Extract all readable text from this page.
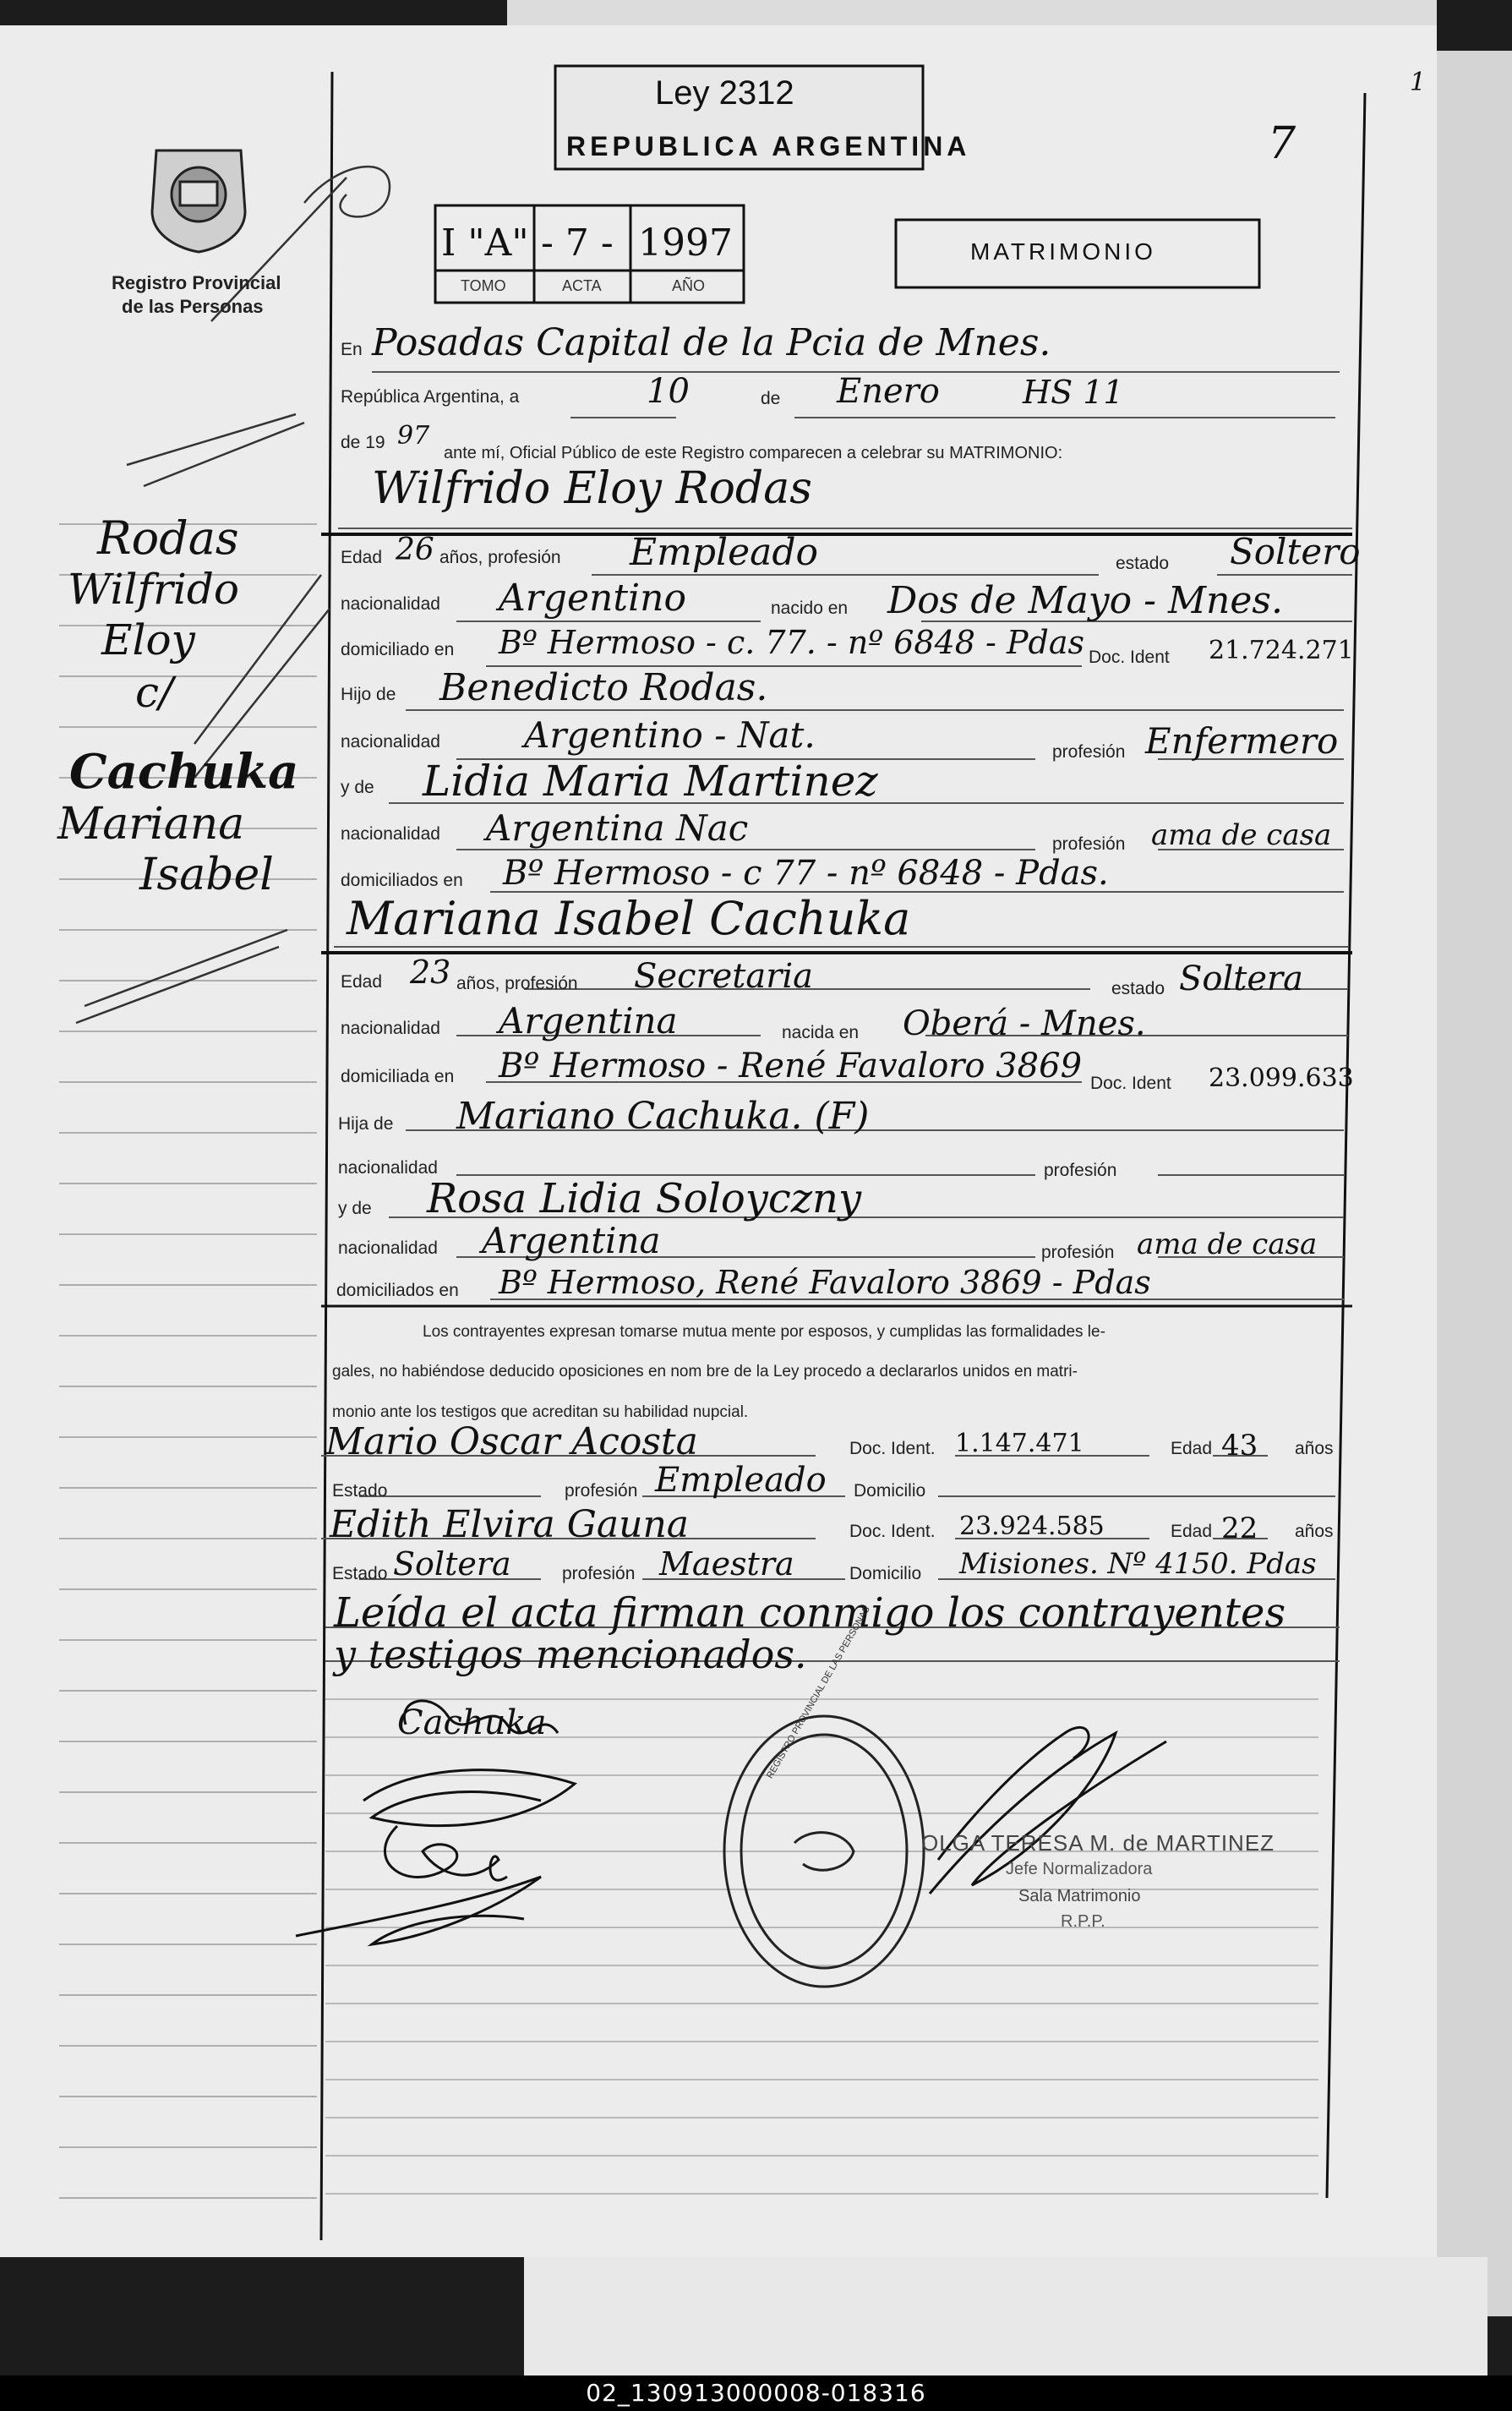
Ley 2312
REPUBLICA ARGENTINA	7
1
Registro Provincial
de las Personas
MATRIMONIO
I "A" - 7 - 1997
TOMO	ACTA	AÑO
Rodas
Wilfrido
Eloy
c/
Cachuka
Mariana
Isabel
En Posadas Capital de la Pcia de Mnes.
República Argentina, a	10	de Enero	HS 11
de 19 97
ante mí, Oficial Público de este Registro comparecen a celebrar su MATRIMONIO:
Wilfrido Eloy Rodas
Edad 26 años, profesión Empleado	estado Soltero
nacionalidad Argentino	nacido en Dos de Mayo - Mnes.
domiciliado en Bº Hermoso - c. 77. - nº 6848 - Pdas Doc. Ident 21.724.271
Hijo de Benedicto Rodas.
nacionalidad Argentino - Nat.	profesión Enfermero
y de Lidia Maria Martinez
nacionalidad Argentina Nac	profesión ama de casa
domiciliados en Bº Hermoso - c 77 - nº 6848 - Pdas.
Mariana Isabel Cachuka
Edad 23 años, profesión Secretaria	estado Soltera
nacionalidad Argentina	nacida en Oberá - Mnes.
domiciliada en Bº Hermoso - René Favaloro 3869 Doc. Ident 23.099.633
Hija de Mariano Cachuka. (F)
nacionalidad	profesión
y de Rosa Lidia Soloyczny
nacionalidad Argentina	profesión ama de casa
domiciliados en Bº Hermoso, René Favaloro 3869 - Pdas
Los contrayentes expresan tomarse mutua mente por esposos, y cumplidas las formalidades le-
gales, no habiéndose deducido oposiciones en nom bre de la Ley procedo a declararlos unidos en matri-
monio ante los testigos que acreditan su habilidad nupcial.
Mario Oscar Acosta	Doc. Ident. 1.147.471	Edad 43 años
Estado	profesión Empleado Domicilio
Edith Elvira Gauna	Doc. Ident. 23.924.585	Edad 22 años
Estado Soltera	profesión Maestra	Domicilio Misiones. Nº 4150. Pdas
Leída el acta firman conmigo los contrayentes
y testigos mencionados.
Cachuka
OLGA TERESA M. de MARTINEZ
Jefe Normalizadora
Sala Matrimonio
R.P.P.
REGISTRO PROVINCIAL DE LAS PERSONAS
02_130913000008-018316
